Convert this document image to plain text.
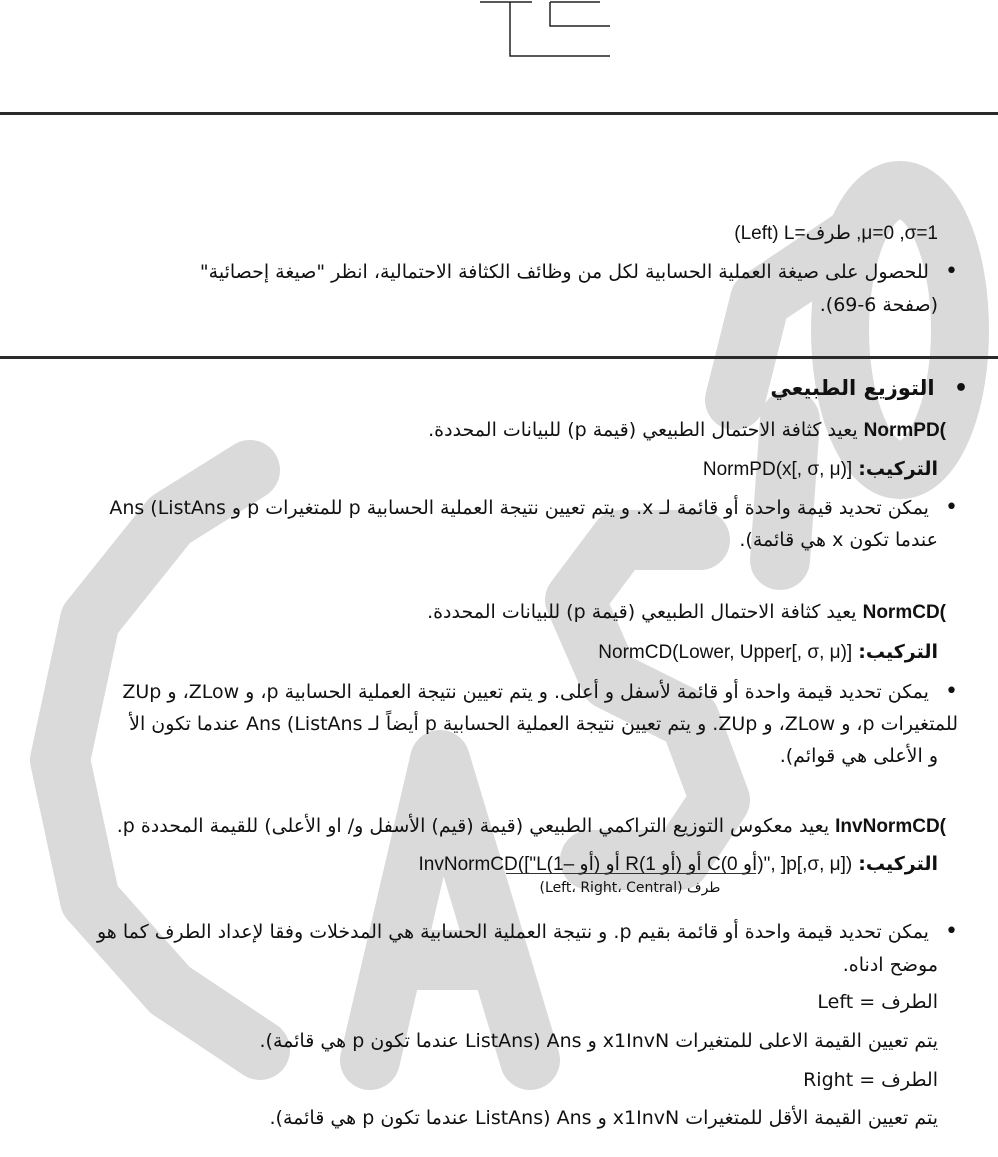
(Left) L=طرف ,μ=0 ,σ=1
• للحصول على صيغة العملية الحسابية لكل من وظائف الكثافة الاحتمالية، انظر "صيغة إحصائية"
(صفحة 6-69).
• التوزيع الطبيعي
NormPD( يعيد كثافة الاحتمال الطبيعي (قيمة p) للبيانات المحددة.
التركيب: NormPD(x[, σ, μ)]
• يمكن تحديد قيمة واحدة أو قائمة لـ x. و يتم تعيين نتيجة العملية الحسابية p للمتغيرات p و Ans (ListAns
عندما تكون x هي قائمة).
NormCD( يعيد كثافة الاحتمال الطبيعي (قيمة p) للبيانات المحددة.
التركيب: NormCD(Lower, Upper[, σ, μ)]
• يمكن تحديد قيمة واحدة أو قائمة لأسفل و أعلى. و يتم تعيين نتيجة العملية الحسابية p، و ZLow، و ZUp
للمتغيرات p، و ZLow، و ZUp. و يتم تعيين نتيجة العملية الحسابية p أيضاً لـ Ans (ListAns عندما تكون الأ
و الأعلى هي قوائم).
InvNormCD( يعيد معكوس التوزيع التراكمي الطبيعي (قيمة (قيم) الأسفل و/ او الأعلى) للقيمة المحددة p.
التركيب: InvNormCD(["L(أو –1) أو R(أو 1) أو C(أو 0)", ]p[,σ, μ])
طرف (Left، Right، Central)
• يمكن تحديد قيمة واحدة أو قائمة بقيم p. و نتيجة العملية الحسابية هي المدخلات وفقا لإعداد الطرف كما هو
موضح ادناه.
الطرف = Left
يتم تعيين القيمة الاعلى للمتغيرات x1InvN و Ans (ListAns عندما تكون p هي قائمة).
الطرف = Right
يتم تعيين القيمة الأقل للمتغيرات x1InvN و Ans (ListAns عندما تكون p هي قائمة).
